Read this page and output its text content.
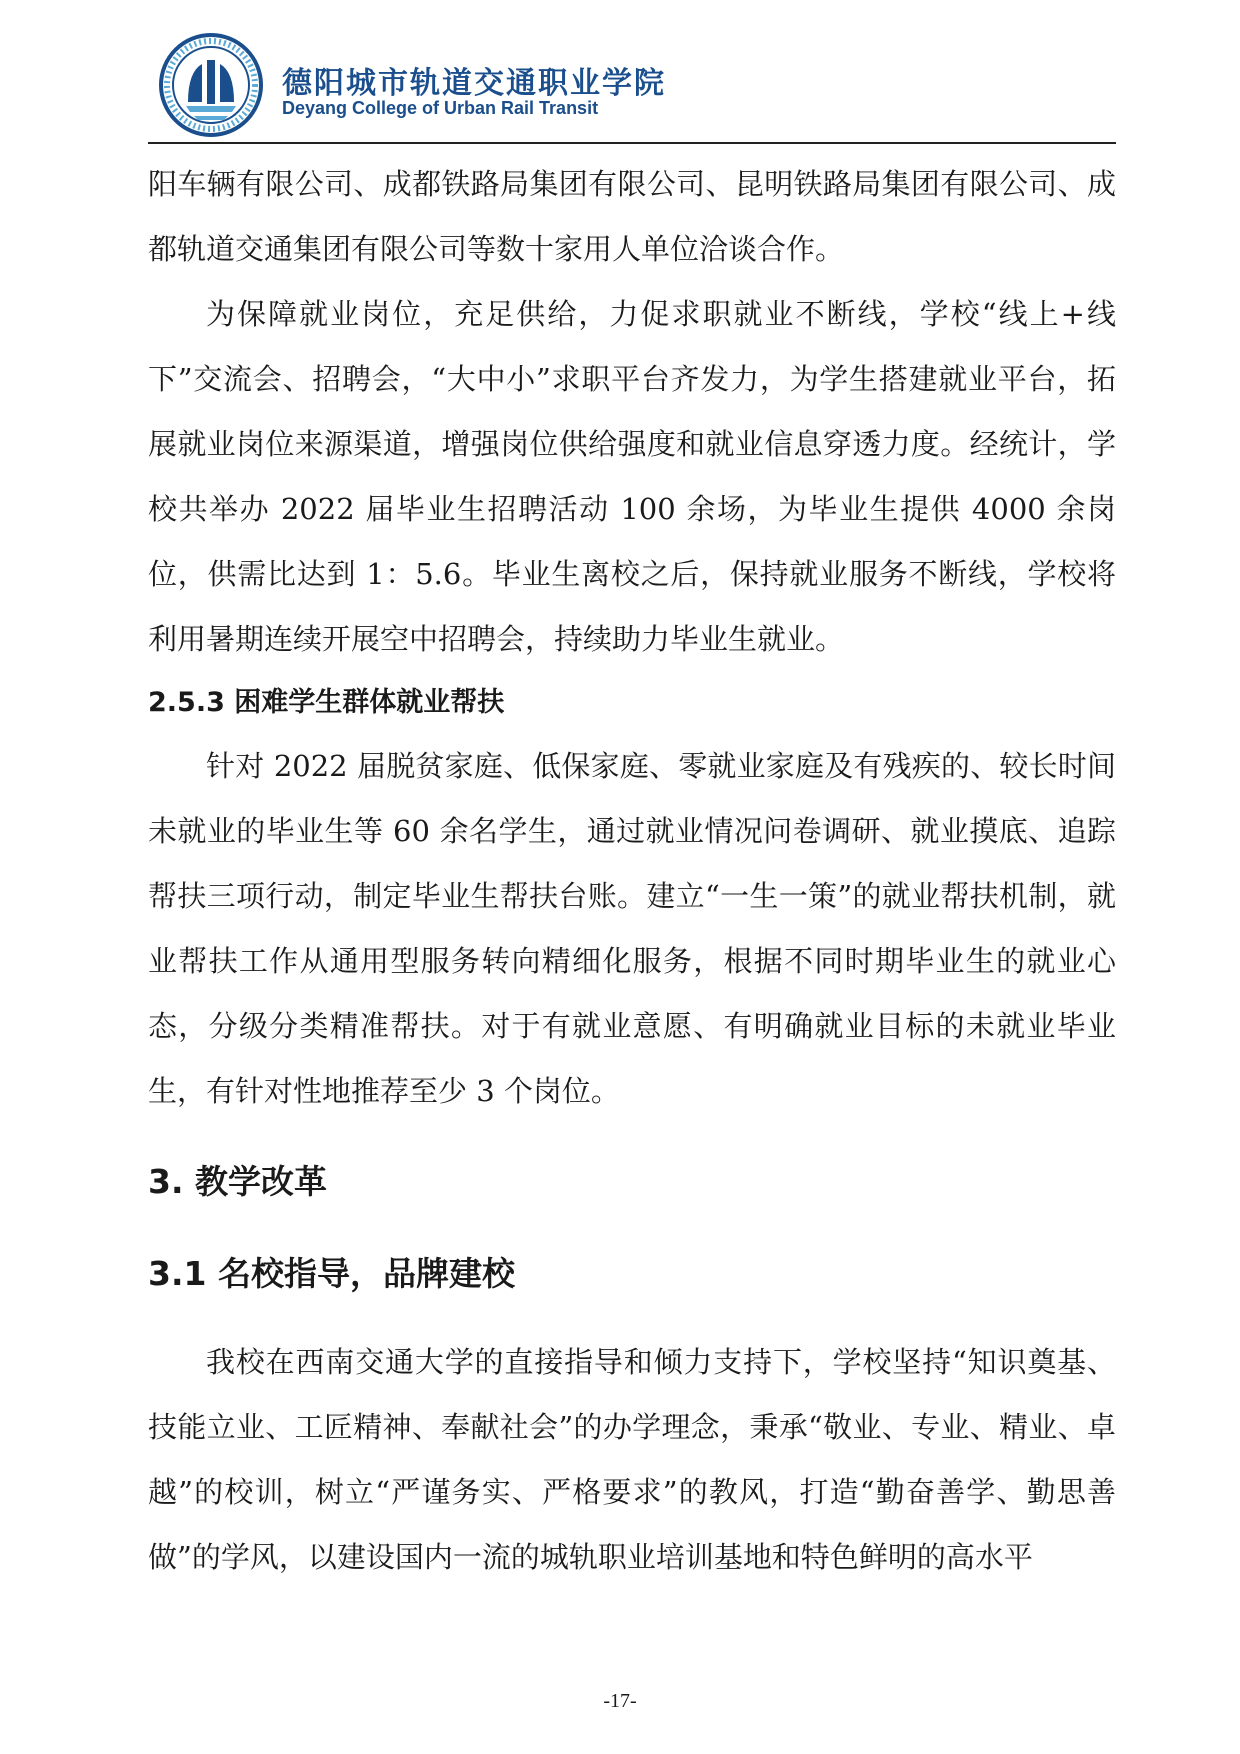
德阳城市轨道交通职业学院
Deyang College of Urban Rail Transit

阳车辆有限公司、成都铁路局集团有限公司、昆明铁路局集团有限公司、成都轨道交通集团有限公司等数十家用人单位洽谈合作。

为保障就业岗位，充足供给，力促求职就业不断线，学校“线上+线下”交流会、招聘会，“大中小”求职平台齐发力，为学生搭建就业平台，拓展就业岗位来源渠道，增强岗位供给强度和就业信息穿透力度。经统计，学校共举办 2022 届毕业生招聘活动 100 余场，为毕业生提供 4000 余岗位，供需比达到 1：5.6。毕业生离校之后，保持就业服务不断线，学校将利用暑期连续开展空中招聘会，持续助力毕业生就业。

2.5.3 困难学生群体就业帮扶

针对 2022 届脱贫家庭、低保家庭、零就业家庭及有残疾的、较长时间未就业的毕业生等 60 余名学生，通过就业情况问卷调研、就业摸底、追踪帮扶三项行动，制定毕业生帮扶台账。建立“一生一策”的就业帮扶机制，就业帮扶工作从通用型服务转向精细化服务，根据不同时期毕业生的就业心态，分级分类精准帮扶。对于有就业意愿、有明确就业目标的未就业毕业生，有针对性地推荐至少 3 个岗位。

3. 教学改革

3.1 名校指导，品牌建校

我校在西南交通大学的直接指导和倾力支持下，学校坚持“知识奠基、技能立业、工匠精神、奉献社会”的办学理念，秉承“敬业、专业、精业、卓越”的校训，树立“严谨务实、严格要求”的教风，打造“勤奋善学、勤思善做”的学风，以建设国内一流的城轨职业培训基地和特色鲜明的高水平

-17-
